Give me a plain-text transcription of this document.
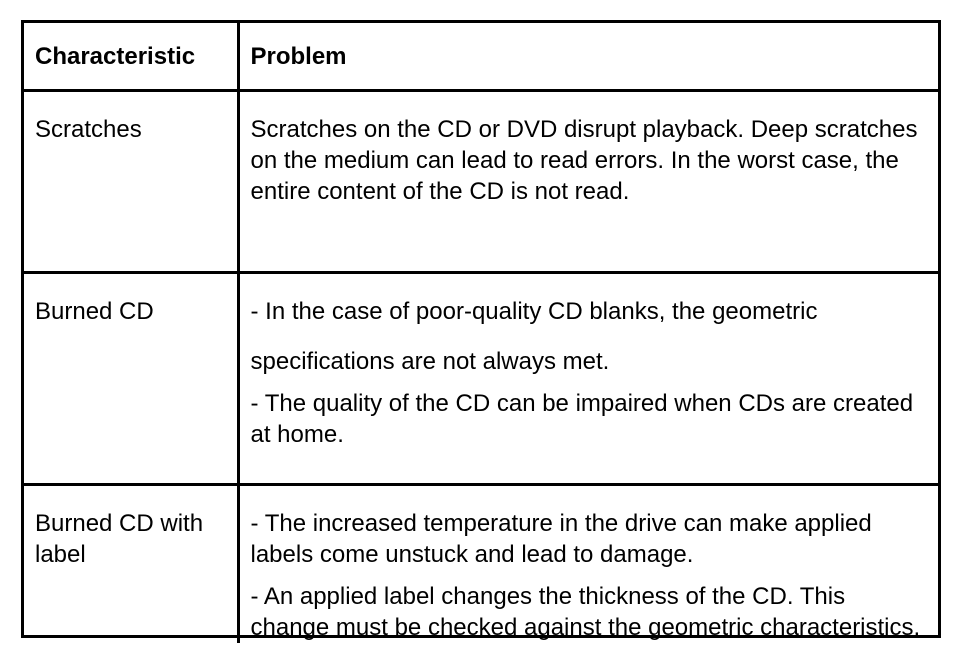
Characteristic	Problem
Scratches	Scratches on the CD or DVD disrupt playback. Deep scratches on the medium can lead to read errors. In the worst case, the entire content of the CD is not read.

Burned CD	- In the case of poor-quality CD blanks, the geometric
specifications are not always met.
- The quality of the CD can be impaired when CDs are created at home.

Burned CD with label	- The increased temperature in the drive can make applied labels come unstuck and lead to damage.
- An applied label changes the thickness of the CD. This change must be checked against the geometric characteristics.
